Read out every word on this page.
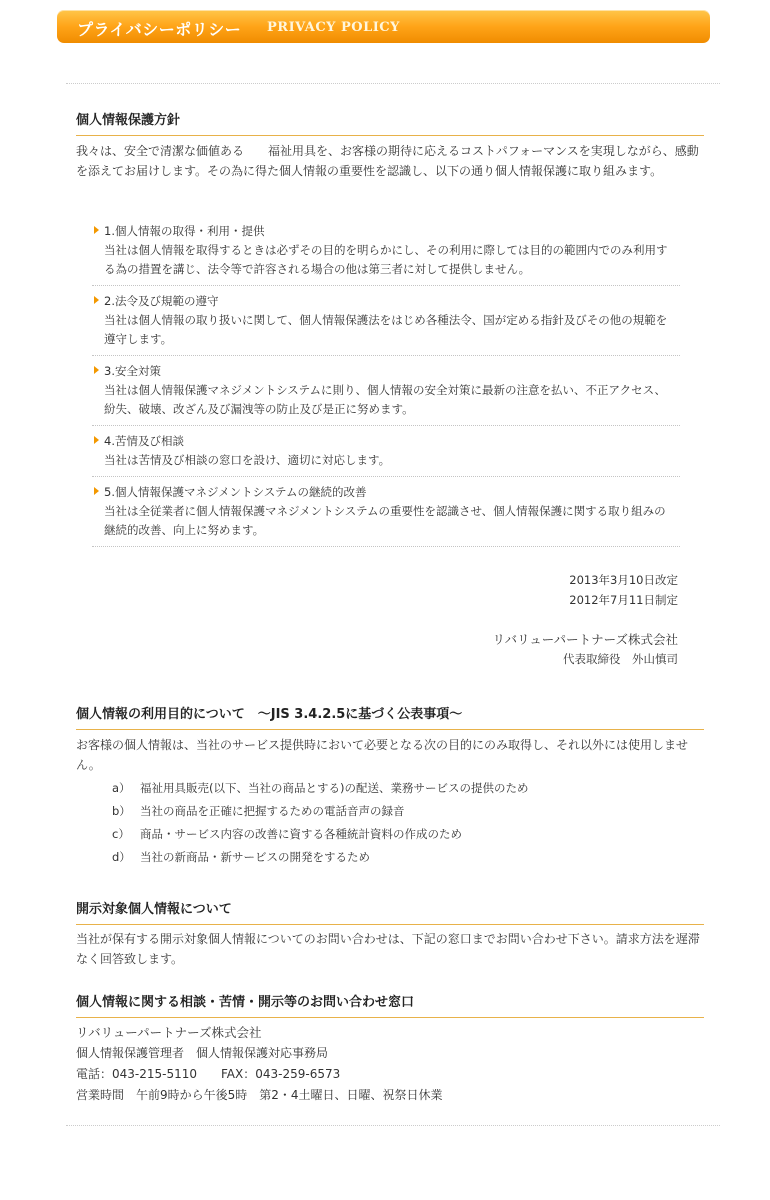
プライバシーポリシー PRIVACY POLICY
個人情報保護方針
我々は、安全で清潔な価値ある　　福祉用具を、お客様の期待に応えるコストパフォーマンスを実現しながら、感動を添えてお届けします。その為に得た個人情報の重要性を認識し、以下の通り個人情報保護に取り組みます。
1.個人情報の取得・利用・提供
当社は個人情報を取得するときは必ずその目的を明らかにし、その利用に際しては目的の範囲内でのみ利用する為の措置を講じ、法令等で許容される場合の他は第三者に対して提供しません。
2.法令及び規範の遵守
当社は個人情報の取り扱いに関して、個人情報保護法をはじめ各種法令、国が定める指針及びその他の規範を遵守します。
3.安全対策
当社は個人情報保護マネジメントシステムに則り、個人情報の安全対策に最新の注意を払い、不正アクセス、紛失、破壊、改ざん及び漏洩等の防止及び是正に努めます。
4.苦情及び相談
当社は苦情及び相談の窓口を設け、適切に対応します。
5.個人情報保護マネジメントシステムの継続的改善
当社は全従業者に個人情報保護マネジメントシステムの重要性を認識させ、個人情報保護に関する取り組みの継続的改善、向上に努めます。
2013年3月10日改定
2012年7月11日制定
リバリューパートナーズ株式会社
代表取締役　外山慎司
個人情報の利用目的について　～JIS 3.4.2.5に基づく公表事項～
お客様の個人情報は、当社のサービス提供時において必要となる次の目的にのみ取得し、それ以外には使用しません。
a） 福祉用具販売(以下、当社の商品とする)の配送、業務サービスの提供のため
b） 当社の商品を正確に把握するための電話音声の録音
c） 商品・サービス内容の改善に資する各種統計資料の作成のため
d） 当社の新商品・新サービスの開発をするため
開示対象個人情報について
当社が保有する開示対象個人情報についてのお問い合わせは、下記の窓口までお問い合わせ下さい。請求方法を遅滞なく回答致します。
個人情報に関する相談・苦情・開示等のお問い合わせ窓口
リバリューパートナーズ株式会社
個人情報保護管理者　個人情報保護対応事務局
電話：043-215-5110　　FAX：043-259-6573
営業時間　午前9時から午後5時　第2・4土曜日、日曜、祝祭日休業
